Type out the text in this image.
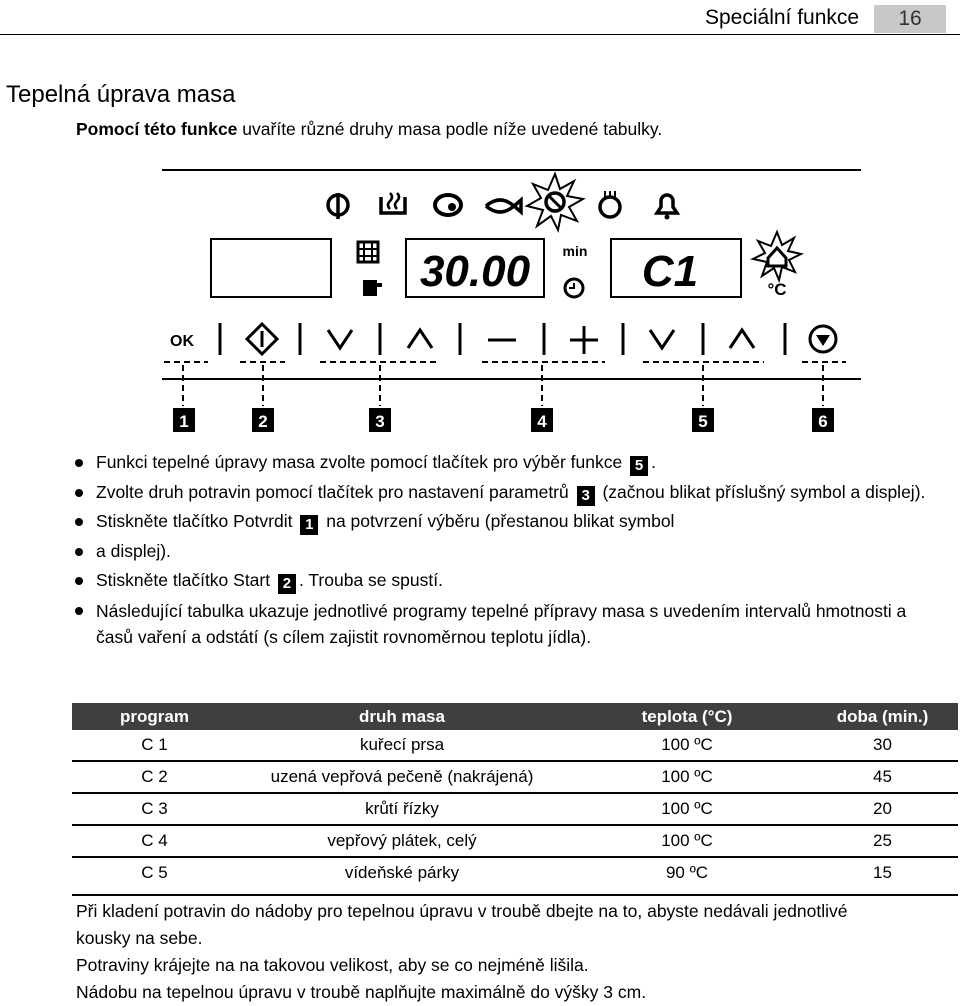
Speciální funkce	16
Tepelná úprava masa
Pomocí této funkce uvaříte různé druhy masa podle níže uvedené tabulky.
30.00 min C1	°C
OK
1	2	3	4	5	6
Funkci tepelné úpravy masa zvolte pomocí tlačítek pro výběr funkce 5 .
Zvolte druh potravin pomocí tlačítek pro nastavení parametrů 3 (začnou blikat příslušný symbol a displej).
Stiskněte tlačítko Potvrdit 1 na potvrzení výběru (přestanou blikat symbol
a displej).
Stiskněte tlačítko Start 2 . Trouba se spustí.
Následující tabulka ukazuje jednotlivé programy tepelné přípravy masa s uvedením intervalů hmotnosti a časů vaření a odstátí (s cílem zajistit rovnoměrnou teplotu jídla).
program	druh masa	teplota (°C)	doba (min.)
C 1	kuřecí prsa	100 ºC	30
C 2	uzená vepřová pečeně (nakrájená)	100 ºC	45
C 3	krůtí řízky	100 ºC	20
C 4	vepřový plátek, celý	100 ºC	25
C 5	vídeňské párky	90 ºC	15
Při kladení potravin do nádoby pro tepelnou úpravu v troubě dbejte na to, abyste nedávali jednotlivé
kousky na sebe.
Potraviny krájejte na na takovou velikost, aby se co nejméně lišila.
Nádobu na tepelnou úpravu v troubě naplňujte maximálně do výšky 3 cm.
